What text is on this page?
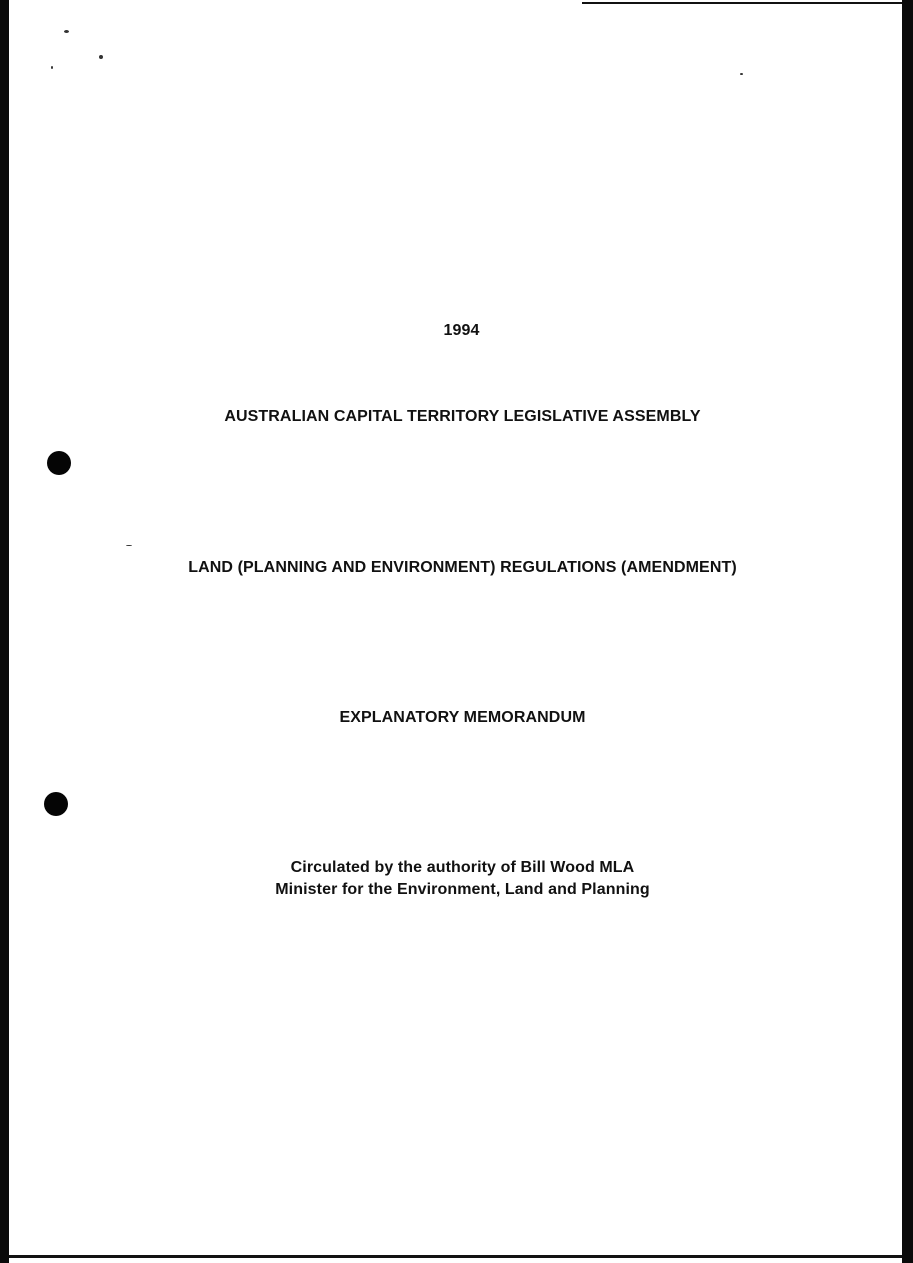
1994
AUSTRALIAN CAPITAL TERRITORY LEGISLATIVE ASSEMBLY
LAND (PLANNING AND ENVIRONMENT) REGULATIONS (AMENDMENT)
EXPLANATORY MEMORANDUM
Circulated by the authority of Bill Wood MLA
Minister for the Environment, Land and Planning
